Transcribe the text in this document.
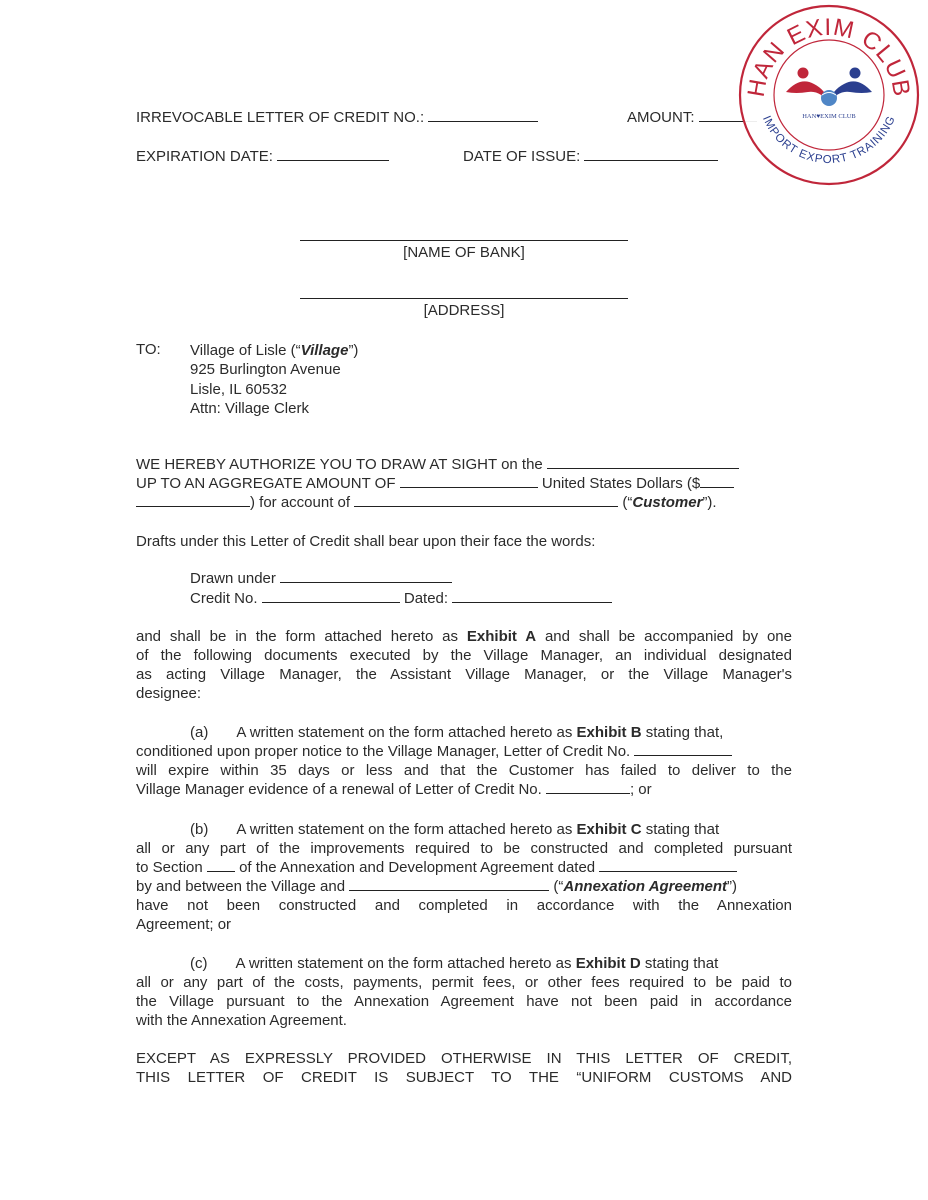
IRREVOCABLE LETTER OF CREDIT NO.:	AMOUNT:
EXPIRATION DATE:	DATE OF ISSUE:
[NAME OF BANK]
[ADDRESS]
TO: Village of Lisle (“Village”)
925 Burlington Avenue
Lisle, IL 60532
Attn: Village Clerk
WE HEREBY AUTHORIZE YOU TO DRAW AT SIGHT on the
UP TO AN AGGREGATE AMOUNT OF	United States Dollars ($
) for account of	(“Customer”).
Drafts under this Letter of Credit shall bear upon their face the words:
Drawn under
Credit No.	Dated:
and shall be in the form attached hereto as Exhibit A and shall be accompanied by one
of the following documents executed by the Village Manager, an individual designated
as acting Village Manager, the Assistant Village Manager, or the Village Manager's
designee:
(a) A written statement on the form attached hereto as Exhibit B stating that,
conditioned upon proper notice to the Village Manager, Letter of Credit No.
will expire within 35 days or less and that the Customer has failed to deliver to the
Village Manager evidence of a renewal of Letter of Credit No.	; or
(b) A written statement on the form attached hereto as Exhibit C stating that
all or any part of the improvements required to be constructed and completed pursuant
to Section of the Annexation and Development Agreement dated
by and between the Village and	(“Annexation Agreement”)
have not been constructed and completed in accordance with the Annexation
Agreement; or
(c) A written statement on the form attached hereto as Exhibit D stating that
all or any part of the costs, payments, permit fees, or other fees required to be paid to
the Village pursuant to the Annexation Agreement have not been paid in accordance
with the Annexation Agreement.
EXCEPT AS EXPRESSLY PROVIDED OTHERWISE IN THIS LETTER OF CREDIT,
THIS LETTER OF CREDIT IS SUBJECT TO THE “UNIFORM CUSTOMS AND
HAN EXIM CLUB
IMPORT EXPORT TRAINING
HAN♥EXIM CLUB
